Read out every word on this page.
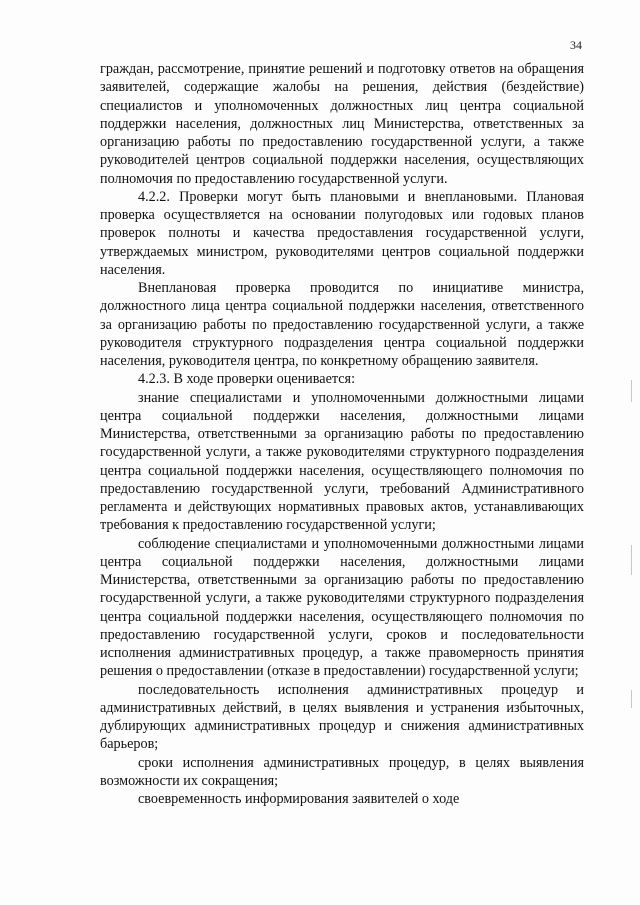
34

граждан, рассмотрение, принятие решений и подготовку ответов на обращения заявителей, содержащие жалобы на решения, действия (бездействие) специалистов и уполномоченных должностных лиц центра социальной поддержки населения, должностных лиц Министерства, ответственных за организацию работы по предоставлению государственной услуги, а также руководителей центров социальной поддержки населения, осуществляющих полномочия по предоставлению государственной услуги.

4.2.2. Проверки могут быть плановыми и внеплановыми. Плановая проверка осуществляется на основании полугодовых или годовых планов проверок полноты и качества предоставления государственной услуги, утверждаемых министром, руководителями центров социальной поддержки населения.

Внеплановая проверка проводится по инициативе министра, должностного лица центра социальной поддержки населения, ответственного за организацию работы по предоставлению государственной услуги, а также руководителя структурного подразделения центра социальной поддержки населения, руководителя центра, по конкретному обращению заявителя.

4.2.3. В ходе проверки оценивается:

знание специалистами и уполномоченными должностными лицами центра социальной поддержки населения, должностными лицами Министерства, ответственными за организацию работы по предоставлению государственной услуги, а также руководителями структурного подразделения центра социальной поддержки населения, осуществляющего полномочия по предоставлению государственной услуги, требований Административного регламента и действующих нормативных правовых актов, устанавливающих требования к предоставлению государственной услуги;

соблюдение специалистами и уполномоченными должностными лицами центра социальной поддержки населения, должностными лицами Министерства, ответственными за организацию работы по предоставлению государственной услуги, а также руководителями структурного подразделения центра социальной поддержки населения, осуществляющего полномочия по предоставлению государственной услуги, сроков и последовательности исполнения административных процедур, а также правомерность принятия решения о предоставлении (отказе в предоставлении) государственной услуги;

последовательность исполнения административных процедур и административных действий, в целях выявления и устранения избыточных, дублирующих административных процедур и снижения административных барьеров;

сроки исполнения административных процедур, в целях выявления возможности их сокращения;

своевременность информирования заявителей о ходе
